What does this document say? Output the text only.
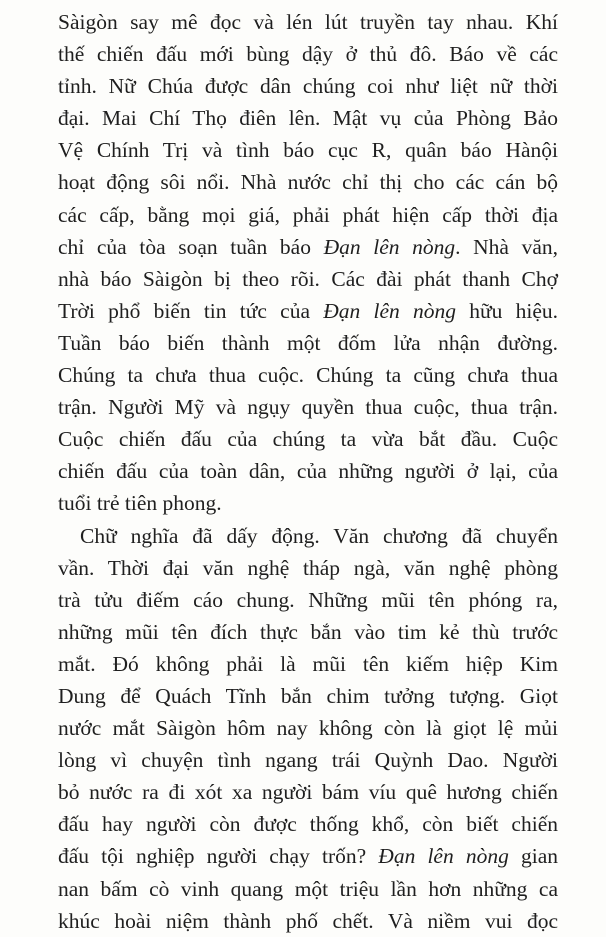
Sàigòn say mê đọc và lén lút truyền tay nhau. Khí
thế chiến đấu mới bùng dậy ở thủ đô. Báo về các
tỉnh. Nữ Chúa được dân chúng coi như liệt nữ thời
đại. Mai Chí Thọ điên lên. Mật vụ của Phòng Bảo
Vệ Chính Trị và tình báo cục R, quân báo Hànội
hoạt động sôi nổi. Nhà nước chỉ thị cho các cán bộ
các cấp, bằng mọi giá, phải phát hiện cấp thời địa
chỉ của tòa soạn tuần báo Đạn lên nòng. Nhà văn,
nhà báo Sàigòn bị theo rõi. Các đài phát thanh Chợ
Trời phổ biến tin tức của Đạn lên nòng hữu hiệu.
Tuần báo biến thành một đốm lửa nhận đường.
Chúng ta chưa thua cuộc. Chúng ta cũng chưa thua
trận. Người Mỹ và ngụy quyền thua cuộc, thua trận.
Cuộc chiến đấu của chúng ta vừa bắt đầu. Cuộc
chiến đấu của toàn dân, của những người ở lại, của
tuổi trẻ tiên phong.
Chữ nghĩa đã dấy động. Văn chương đã chuyển
vần. Thời đại văn nghệ tháp ngà, văn nghệ phòng
trà tửu điếm cáo chung. Những mũi tên phóng ra,
những mũi tên đích thực bắn vào tim kẻ thù trước
mắt. Đó không phải là mũi tên kiếm hiệp Kim
Dung để Quách Tĩnh bắn chim tưởng tượng. Giọt
nước mắt Sàigòn hôm nay không còn là giọt lệ mủi
lòng vì chuyện tình ngang trái Quỳnh Dao. Người
bỏ nước ra đi xót xa người bám víu quê hương chiến
đấu hay người còn được thống khổ, còn biết chiến
đấu tội nghiệp người chạy trốn? Đạn lên nòng gian
nan bấm cò vinh quang một triệu lần hơn những ca
khúc hoài niệm thành phố chết. Và niềm vui đọc
